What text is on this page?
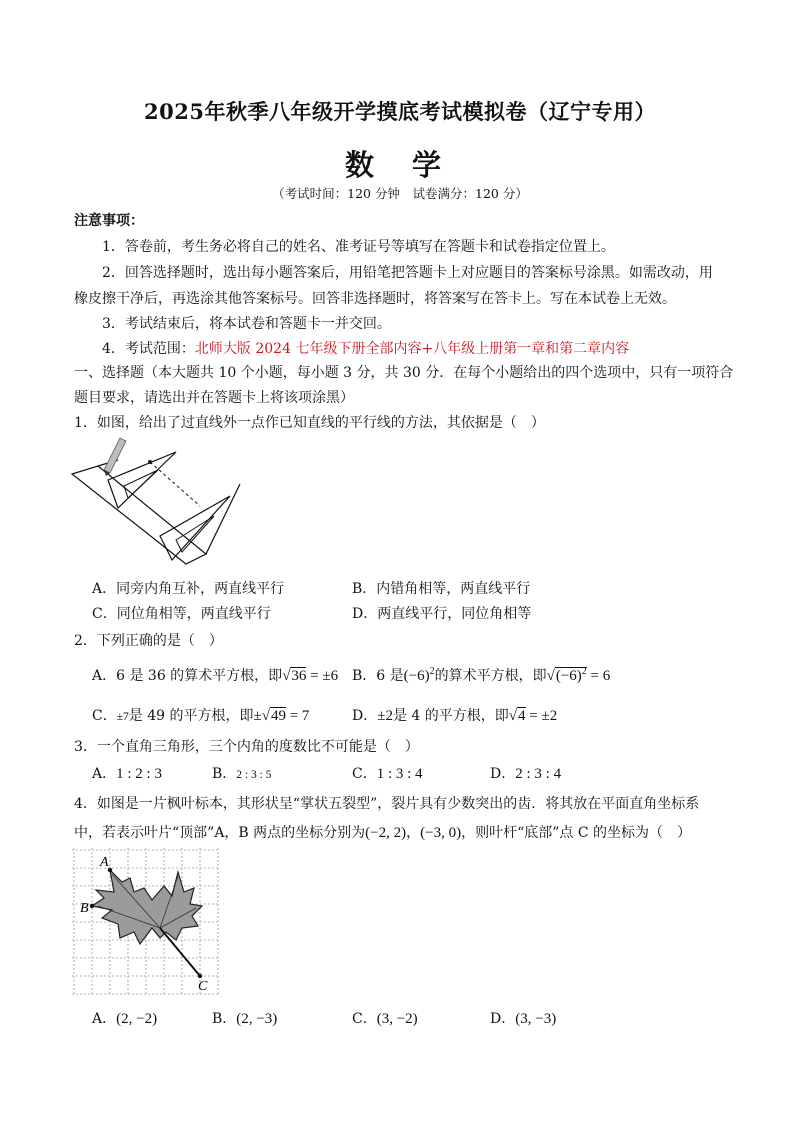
2025年秋季八年级开学摸底考试模拟卷（辽宁专用）
数 学
（考试时间：120 分钟　试卷满分：120 分）
注意事项：
1．答卷前，考生务必将自己的姓名、准考证号等填写在答题卡和试卷指定位置上。
2．回答选择题时，选出每小题答案后，用铅笔把答题卡上对应题目的答案标号涂黑。如需改动，用
橡皮擦干净后，再选涂其他答案标号。回答非选择题时，将答案写在答卡上。写在本试卷上无效。
3．考试结束后，将本试卷和答题卡一并交回。
4．考试范围：北师大版 2024 七年级下册全部内容+八年级上册第一章和第二章内容
一、选择题（本大题共 10 个小题，每小题 3 分，共 30 分．在每个小题给出的四个选项中，只有一项符合
题目要求，请选出并在答题卡上将该项涂黑）
1．如图，给出了过直线外一点作已知直线的平行线的方法，其依据是（　）
A．同旁内角互补，两直线平行	B．内错角相等，两直线平行
C．同位角相等，两直线平行	D．两直线平行，同位角相等
2．下列正确的是（　）
A．6 是 36 的算术平方根，即√36 = ±6 B．6 是$(-6)^2$的算术平方根，即$√(-6)^2 = 6$
C．±7是 49 的平方根，即±√49 = 7	D．±2是 4 的平方根，即√4 = ±2
3．一个直角三角形，三个内角的度数比不可能是（　）
A．1 : 2 : 3	B．2 : 3 : 5	C．1 : 3 : 4	D．2 : 3 : 4
4．如图是一片枫叶标本，其形状呈“掌状五裂型”，裂片具有少数突出的齿．将其放在平面直角坐标系
中，若表示叶片“顶部”A，B 两点的坐标分别为(−2, 2)，(−3, 0)，则叶杆“底部”点 C 的坐标为（　）
A
B
C
A．(2, −2)	B．(2, −3)	C．(3, −2)	D．(3, −3)
